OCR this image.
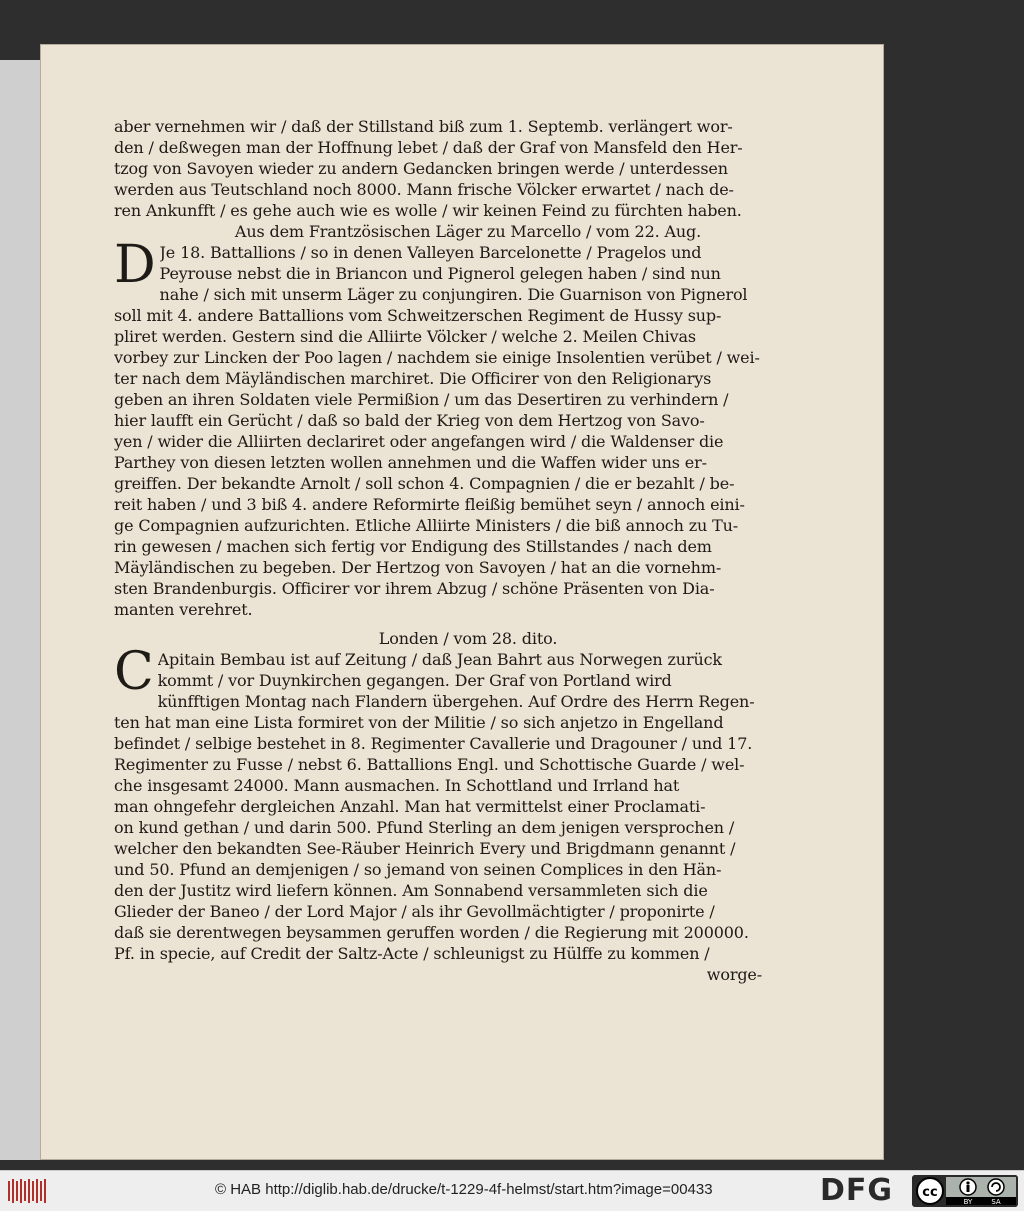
aber vernehmen wir / daß der Stillstand biß zum 1. Septemb. verlängert wor-
den / deßwegen man der Hoffnung lebet / daß der Graf von Mansfeld den Her-
tzog von Savoyen wieder zu andern Gedancken bringen werde / unterdessen
werden aus Teutschland noch 8000. Mann frische Völcker erwartet / nach de-
ren Ankunfft / es gehe auch wie es wolle / wir keinen Feind zu fürchten haben.
Aus dem Frantzösischen Läger zu Marcello / vom 22. Aug.
D Je 18. Battallions / so in denen Valleyen Barcelonette / Pragelos und
Peyrouse nebst die in Briancon und Pignerol gelegen haben / sind nun
nahe / sich mit unserm Läger zu conjungiren. Die Guarnison von Pignerol
soll mit 4. andere Battallions vom Schweitzerschen Regiment de Hussy sup-
pliret werden. Gestern sind die Alliirte Völcker / welche 2. Meilen Chivas
vorbey zur Lincken der Poo lagen / nachdem sie einige Insolentien verübet / wei-
ter nach dem Mäyländischen marchiret. Die Officirer von den Religionarys
geben an ihren Soldaten viele Permißion / um das Desertiren zu verhindern /
hier laufft ein Gerücht / daß so bald der Krieg von dem Hertzog von Savo-
yen / wider die Alliirten declariret oder angefangen wird / die Waldenser die
Parthey von diesen letzten wollen annehmen und die Waffen wider uns er-
greiffen. Der bekandte Arnolt / soll schon 4. Compagnien / die er bezahlt / be-
reit haben / und 3 biß 4. andere Reformirte fleißig bemühet seyn / annoch eini-
ge Compagnien aufzurichten. Etliche Alliirte Ministers / die biß annoch zu Tu-
rin gewesen / machen sich fertig vor Endigung des Stillstandes / nach dem
Mäyländischen zu begeben. Der Hertzog von Savoyen / hat an die vornehm-
sten Brandenburgis. Officirer vor ihrem Abzug / schöne Präsenten von Dia-
manten verehret.
Londen / vom 28. dito.
C Apitain Bembau ist auf Zeitung / daß Jean Bahrt aus Norwegen zurück
kommt / vor Duynkirchen gegangen. Der Graf von Portland wird
künfftigen Montag nach Flandern übergehen. Auf Ordre des Herrn Regen-
ten hat man eine Lista formiret von der Militie / so sich anjetzo in Engelland
befindet / selbige bestehet in 8. Regimenter Cavallerie und Dragouner / und 17.
Regimenter zu Fusse / nebst 6. Battallions Engl. und Schottische Guarde / wel-
che insgesamt 24000. Mann ausmachen. In Schottland und Irrland hat
man ohngefehr dergleichen Anzahl. Man hat vermittelst einer Proclamati-
on kund gethan / und darin 500. Pfund Sterling an dem jenigen versprochen /
welcher den bekandten See-Räuber Heinrich Every und Brigdmann genannt /
und 50. Pfund an demjenigen / so jemand von seinen Complices in den Hän-
den der Justitz wird liefern können. Am Sonnabend versammleten sich die
Glieder der Baneo / der Lord Major / als ihr Gevollmächtigter / proponirte /
daß sie derentwegen beysammen geruffen worden / die Regierung mit 200000.
Pf. in specie, auf Credit der Saltz-Acte / schleunigst zu Hülffe zu kommen /
worge-
© HAB http://diglib.hab.de/drucke/t-1229-4f-helmst/start.htm?image=00433	DFG cc
BY	SA
